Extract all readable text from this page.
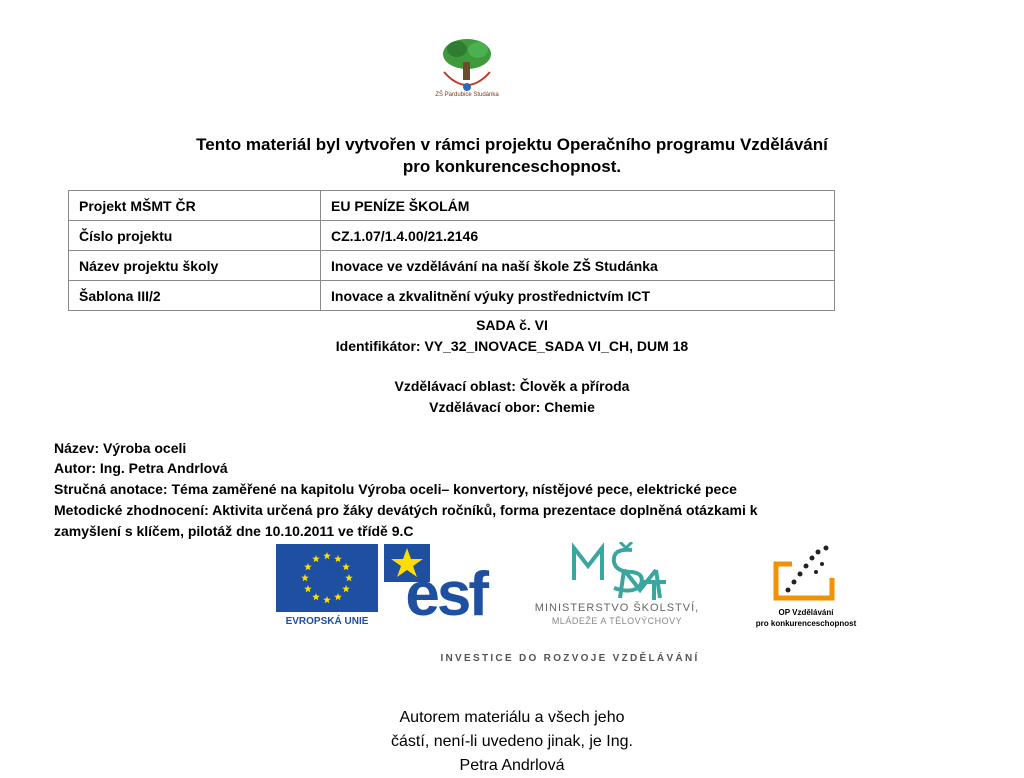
ZŠ Pardubice Studánka
Tento materiál byl vytvořen v rámci projektu Operačního programu Vzdělávání
pro konkurenceschopnost.
Projekt MŠMT ČR	EU PENÍZE ŠKOLÁM
Číslo projektu	CZ.1.07/1.4.00/21.2146
Název projektu školy	Inovace ve vzdělávání na naší škole ZŠ Studánka
Šablona III/2	Inovace a zkvalitnění výuky prostřednictvím ICT
SADA č. VI
Identifikátor: VY_32_INOVACE_SADA VI_CH, DUM 18
Vzdělávací oblast: Člověk a příroda
Vzdělávací obor: Chemie
Název: Výroba oceli
Autor: Ing. Petra Andrlová
Stručná anotace: Téma zaměřené na kapitolu Výroba oceli– konvertory, nístějové pece, elektrické pece
Metodické zhodnocení: Aktivita určená pro žáky devátých ročníků, forma prezentace doplněná otázkami k
zamyšlení s klíčem, pilotáž dne 10.10.2011 ve třídě 9.C
EVROPSKÁ UNIE esf	MINISTERSTVO ŠKOLSTVÍ,
MLÁDEŽE A TĚLOVÝCHOVY
OP Vzdělávání
pro konkurenceschopnost
INVESTICE DO ROZVOJE VZDĚLÁVÁNÍ
Autorem materiálu a všech jeho
částí, není-li uvedeno jinak, je Ing.
Petra Andrlová
